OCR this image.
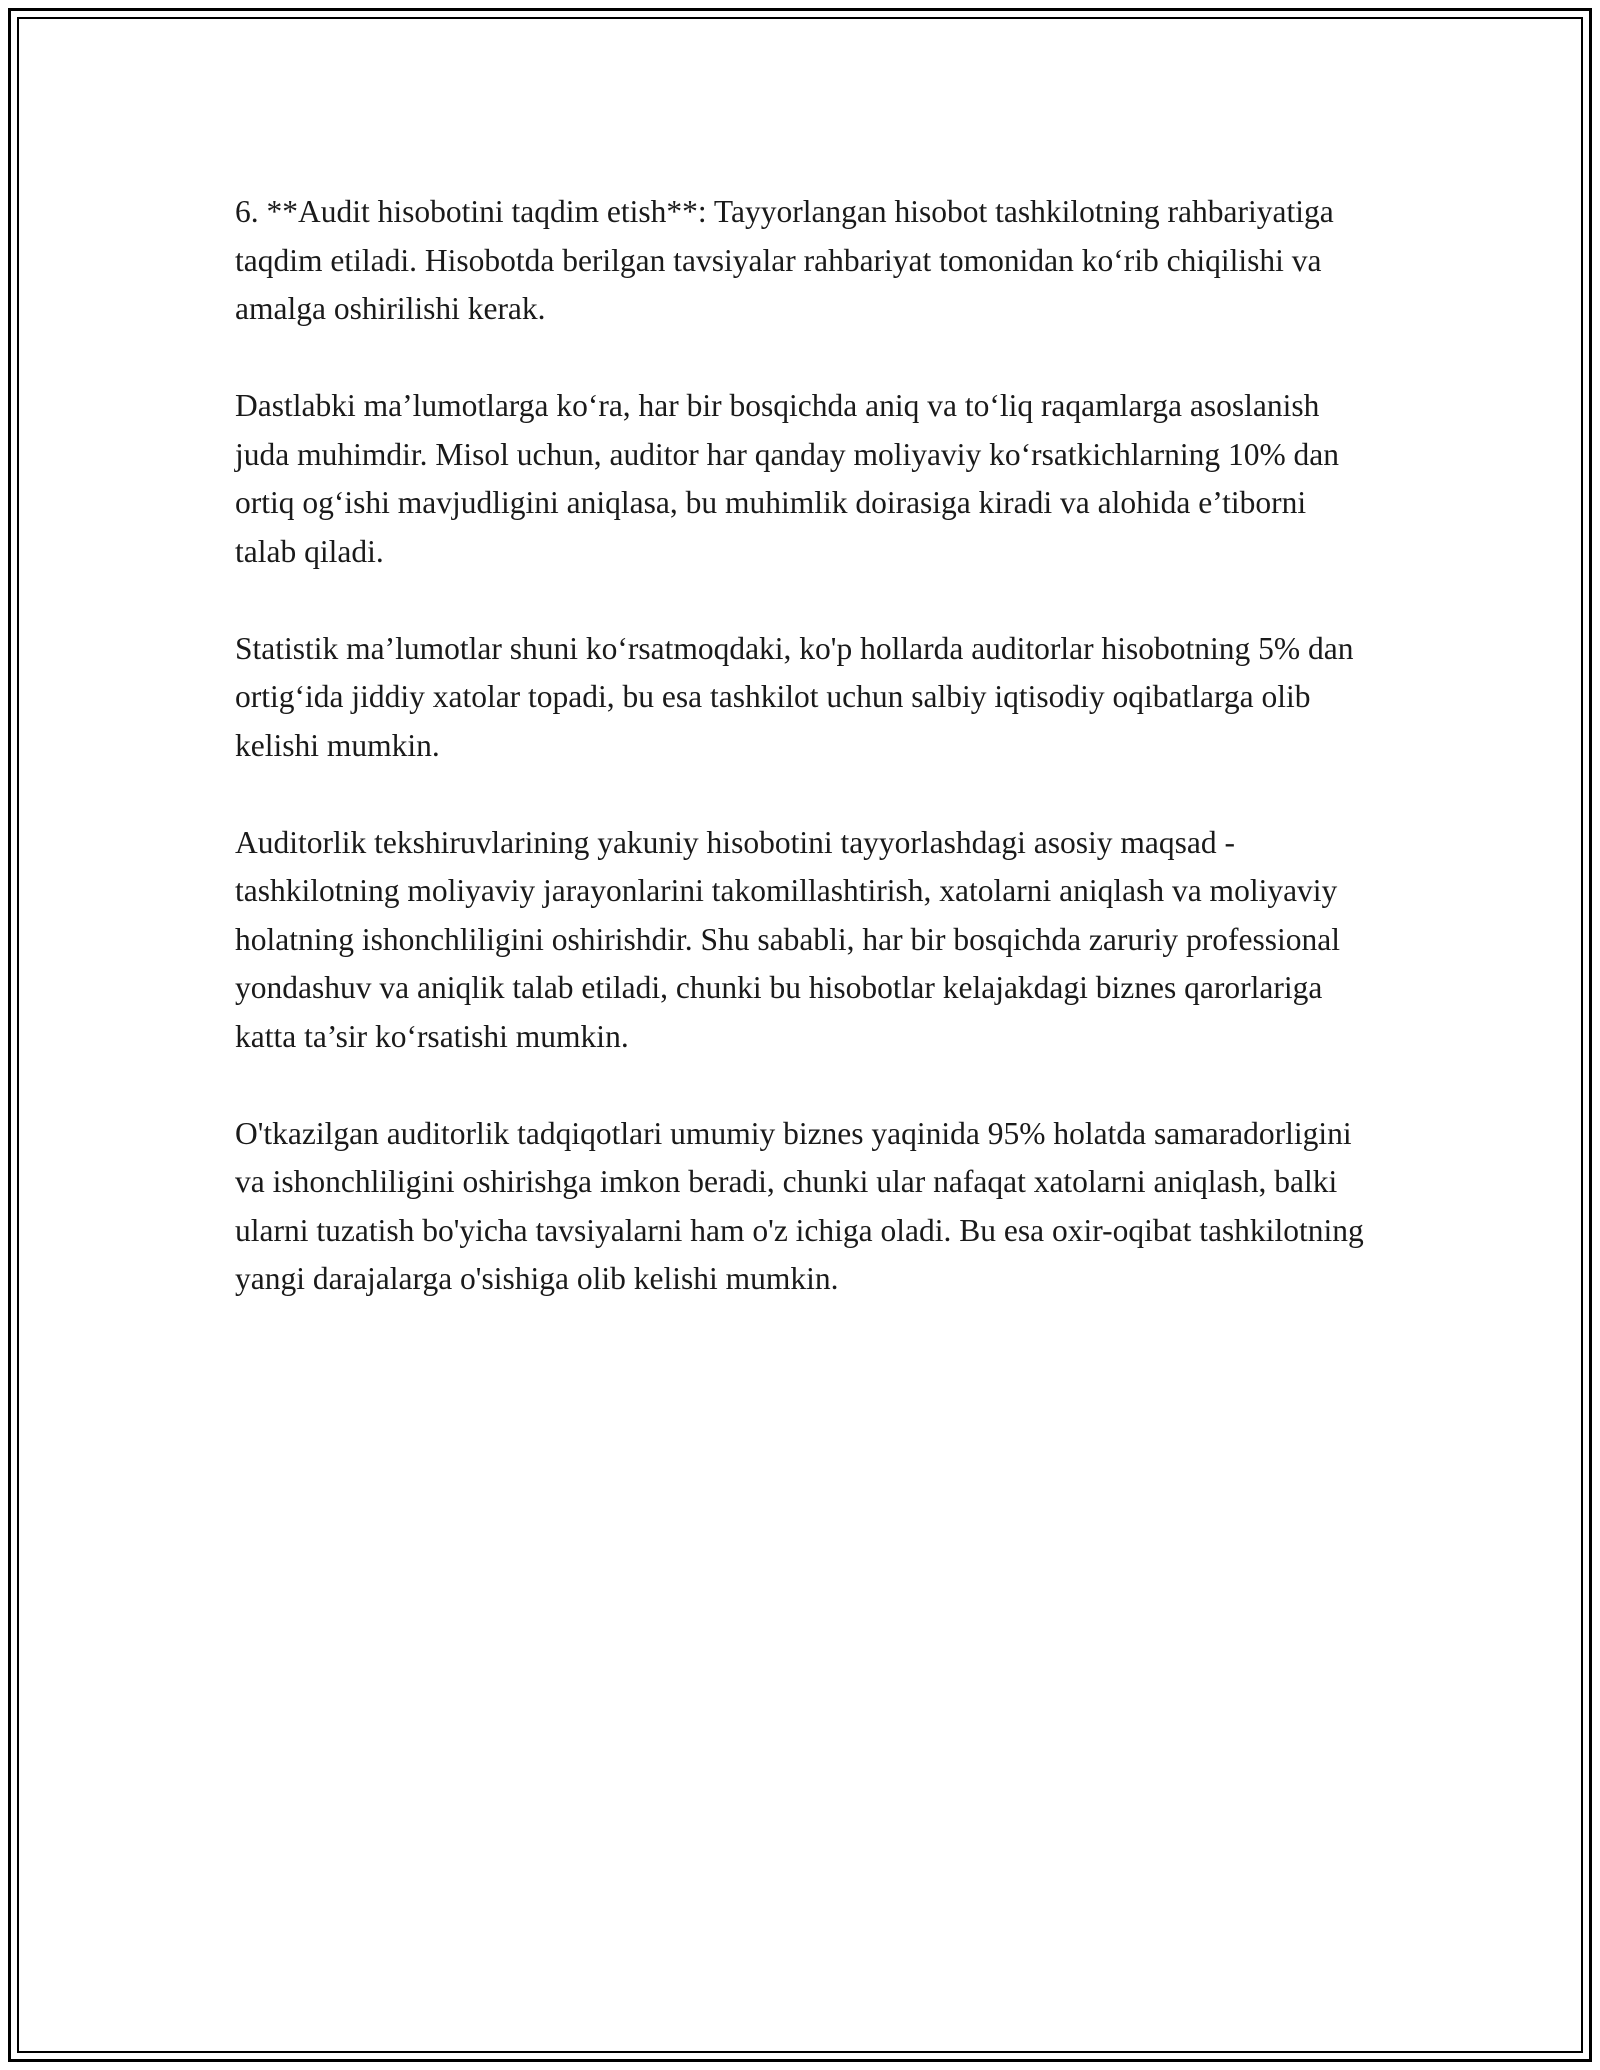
6. **Audit hisobotini taqdim etish**: Tayyorlangan hisobot tashkilotning rahbariyatiga taqdim etiladi. Hisobotda berilgan tavsiyalar rahbariyat tomonidan ko‘rib chiqilishi va amalga oshirilishi kerak.

Dastlabki ma’lumotlarga ko‘ra, har bir bosqichda aniq va to‘liq raqamlarga asoslanish juda muhimdir. Misol uchun, auditor har qanday moliyaviy ko‘rsatkichlarning 10% dan ortiq og‘ishi mavjudligini aniqlasa, bu muhimlik doirasiga kiradi va alohida e’tiborni talab qiladi.

Statistik ma’lumotlar shuni ko‘rsatmoqdaki, ko'p hollarda auditorlar hisobotning 5% dan ortig‘ida jiddiy xatolar topadi, bu esa tashkilot uchun salbiy iqtisodiy oqibatlarga olib kelishi mumkin.

Auditorlik tekshiruvlarining yakuniy hisobotini tayyorlashdagi asosiy maqsad - tashkilotning moliyaviy jarayonlarini takomillashtirish, xatolarni aniqlash va moliyaviy holatning ishonchliligini oshirishdir. Shu sababli, har bir bosqichda zaruriy professional yondashuv va aniqlik talab etiladi, chunki bu hisobotlar kelajakdagi biznes qarorlariga katta ta’sir ko‘rsatishi mumkin.

O'tkazilgan auditorlik tadqiqotlari umumiy biznes yaqinida 95% holatda samaradorligini va ishonchliligini oshirishga imkon beradi, chunki ular nafaqat xatolarni aniqlash, balki ularni tuzatish bo'yicha tavsiyalarni ham o'z ichiga oladi. Bu esa oxir-oqibat tashkilotning yangi darajalarga o'sishiga olib kelishi mumkin.
